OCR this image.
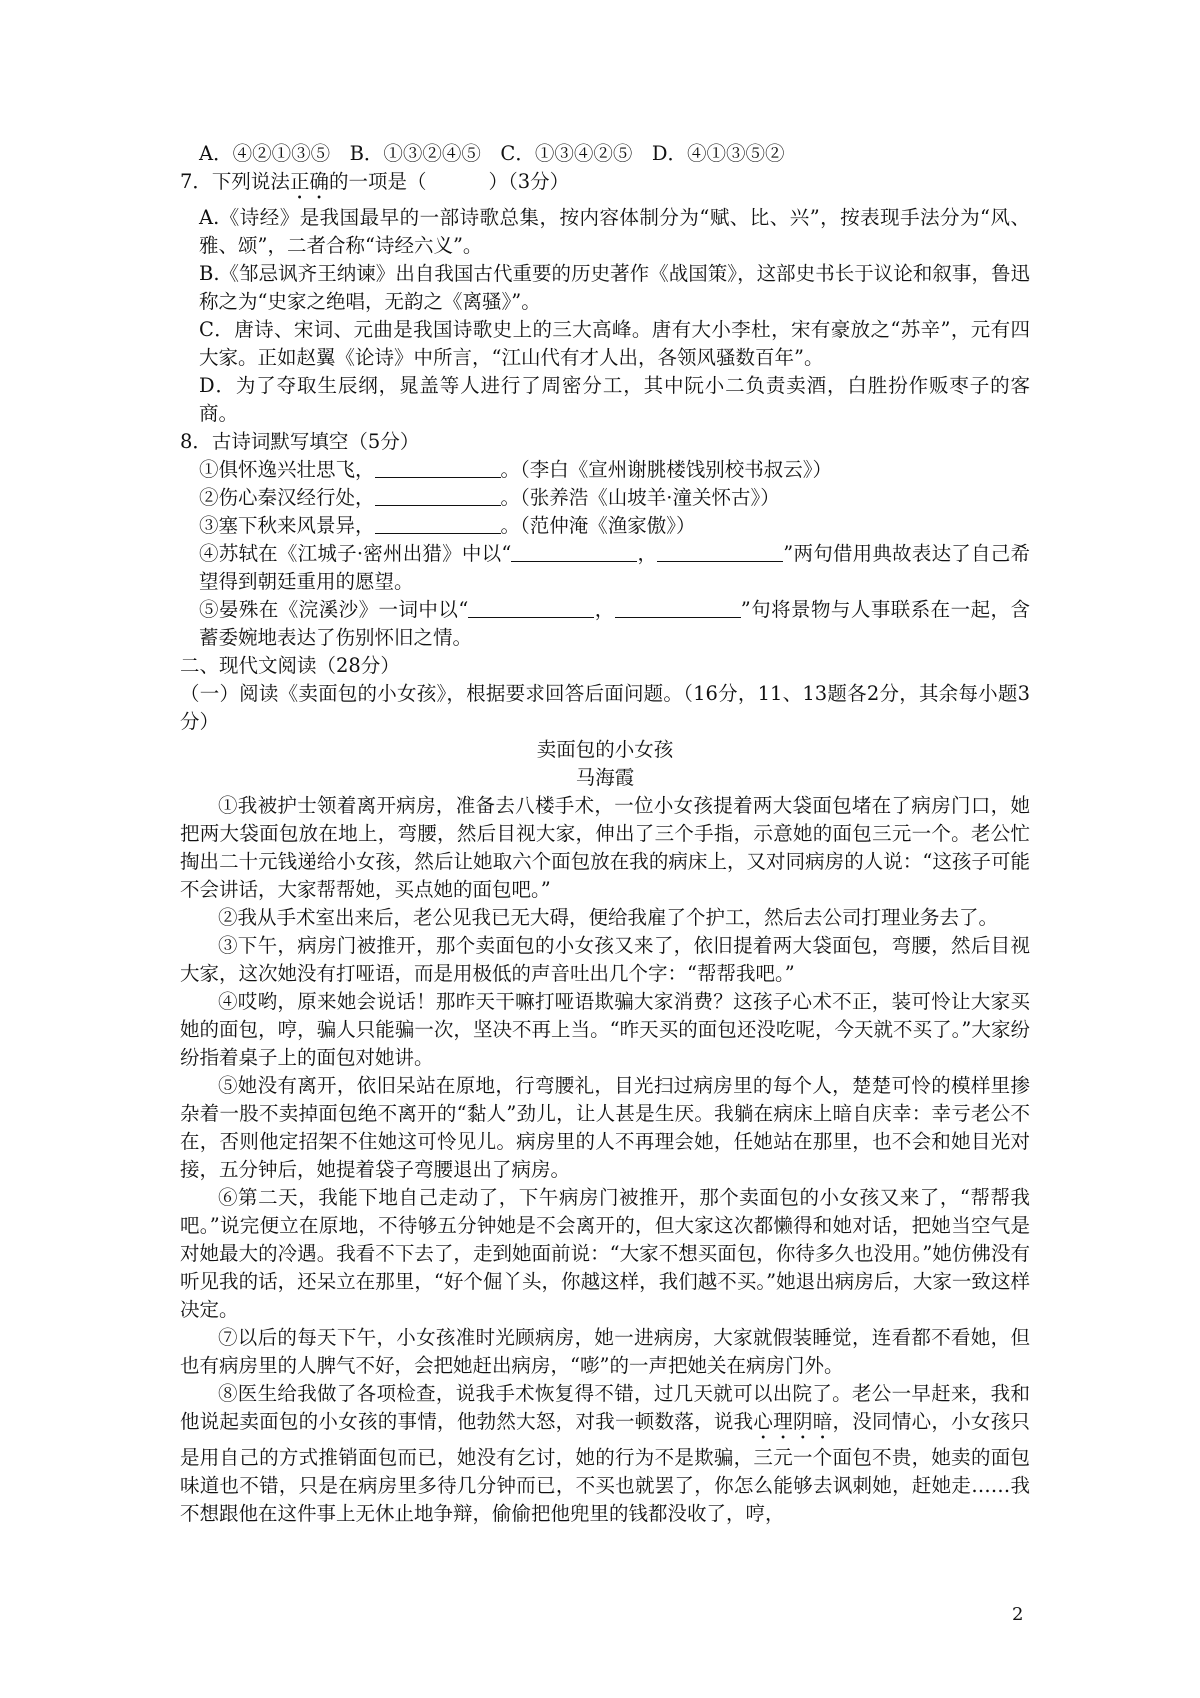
A．④②①③⑤　B．①③②④⑤　C．①③④②⑤　D．④①③⑤②
7．下列说法正确的一项是（	）（3分）
A.《诗经》是我国最早的一部诗歌总集，按内容体制分为“赋、比、兴”，按表现手法分为“风、雅、颂”，二者合称“诗经六义”。
B.《邹忌讽齐王纳谏》出自我国古代重要的历史著作《战国策》，这部史书长于议论和叙事，鲁迅称之为“史家之绝唱，无韵之《离骚》”。
C．唐诗、宋词、元曲是我国诗歌史上的三大高峰。唐有大小李杜，宋有豪放之“苏辛”，元有四大家。正如赵翼《论诗》中所言，“江山代有才人出，各领风骚数百年”。
D．为了夺取生辰纲，晁盖等人进行了周密分工，其中阮小二负责卖酒，白胜扮作贩枣子的客商。
8．古诗词默写填空（5分）
①俱怀逸兴壮思飞，	。（李白《宣州谢朓楼饯别校书叔云》）
②伤心秦汉经行处，	。（张养浩《山坡羊·潼关怀古》）
③塞下秋来风景异，	。（范仲淹《渔家傲》）
④苏轼在《江城子·密州出猎》中以“	，	”两句借用典故表达了自己希望得到朝廷重用的愿望。
⑤晏殊在《浣溪沙》一词中以“	，	”句将景物与人事联系在一起，含蓄委婉地表达了伤别怀旧之情。
二、现代文阅读（28分）
（一）阅读《卖面包的小女孩》，根据要求回答后面问题。（16分，11、13题各2分，其余每小题3分）
卖面包的小女孩
马海霞
①我被护士领着离开病房，准备去八楼手术，一位小女孩提着两大袋面包堵在了病房门口，她把两大袋面包放在地上，弯腰，然后目视大家，伸出了三个手指，示意她的面包三元一个。老公忙掏出二十元钱递给小女孩，然后让她取六个面包放在我的病床上，又对同病房的人说：“这孩子可能不会讲话，大家帮帮她，买点她的面包吧。”
②我从手术室出来后，老公见我已无大碍，便给我雇了个护工，然后去公司打理业务去了。
③下午，病房门被推开，那个卖面包的小女孩又来了，依旧提着两大袋面包，弯腰，然后目视大家，这次她没有打哑语，而是用极低的声音吐出几个字：“帮帮我吧。”
④哎哟，原来她会说话！那昨天干嘛打哑语欺骗大家消费？这孩子心术不正，装可怜让大家买她的面包，哼，骗人只能骗一次，坚决不再上当。“昨天买的面包还没吃呢，今天就不买了。”大家纷纷指着桌子上的面包对她讲。
⑤她没有离开，依旧呆站在原地，行弯腰礼，目光扫过病房里的每个人，楚楚可怜的模样里掺杂着一股不卖掉面包绝不离开的“黏人”劲儿，让人甚是生厌。我躺在病床上暗自庆幸：幸亏老公不在，否则他定招架不住她这可怜见儿。病房里的人不再理会她，任她站在那里，也不会和她目光对接，五分钟后，她提着袋子弯腰退出了病房。
⑥第二天，我能下地自己走动了，下午病房门被推开，那个卖面包的小女孩又来了，“帮帮我吧。”说完便立在原地，不待够五分钟她是不会离开的，但大家这次都懒得和她对话，把她当空气是对她最大的冷遇。我看不下去了，走到她面前说：“大家不想买面包，你待多久也没用。”她仿佛没有听见我的话，还呆立在那里，“好个倔丫头，你越这样，我们越不买。”她退出病房后，大家一致这样决定。
⑦以后的每天下午，小女孩准时光顾病房，她一进病房，大家就假装睡觉，连看都不看她，但也有病房里的人脾气不好，会把她赶出病房，“嘭”的一声把她关在病房门外。
⑧医生给我做了各项检查，说我手术恢复得不错，过几天就可以出院了。老公一早赶来，我和他说起卖面包的小女孩的事情，他勃然大怒，对我一顿数落，说我心理阴暗，没同情心，小女孩只是用自己的方式推销面包而已，她没有乞讨，她的行为不是欺骗，三元一个面包不贵，她卖的面包味道也不错，只是在病房里多待几分钟而已，不买也就罢了，你怎么能够去讽刺她，赶她走……我不想跟他在这件事上无休止地争辩，偷偷把他兜里的钱都没收了，哼，
2
